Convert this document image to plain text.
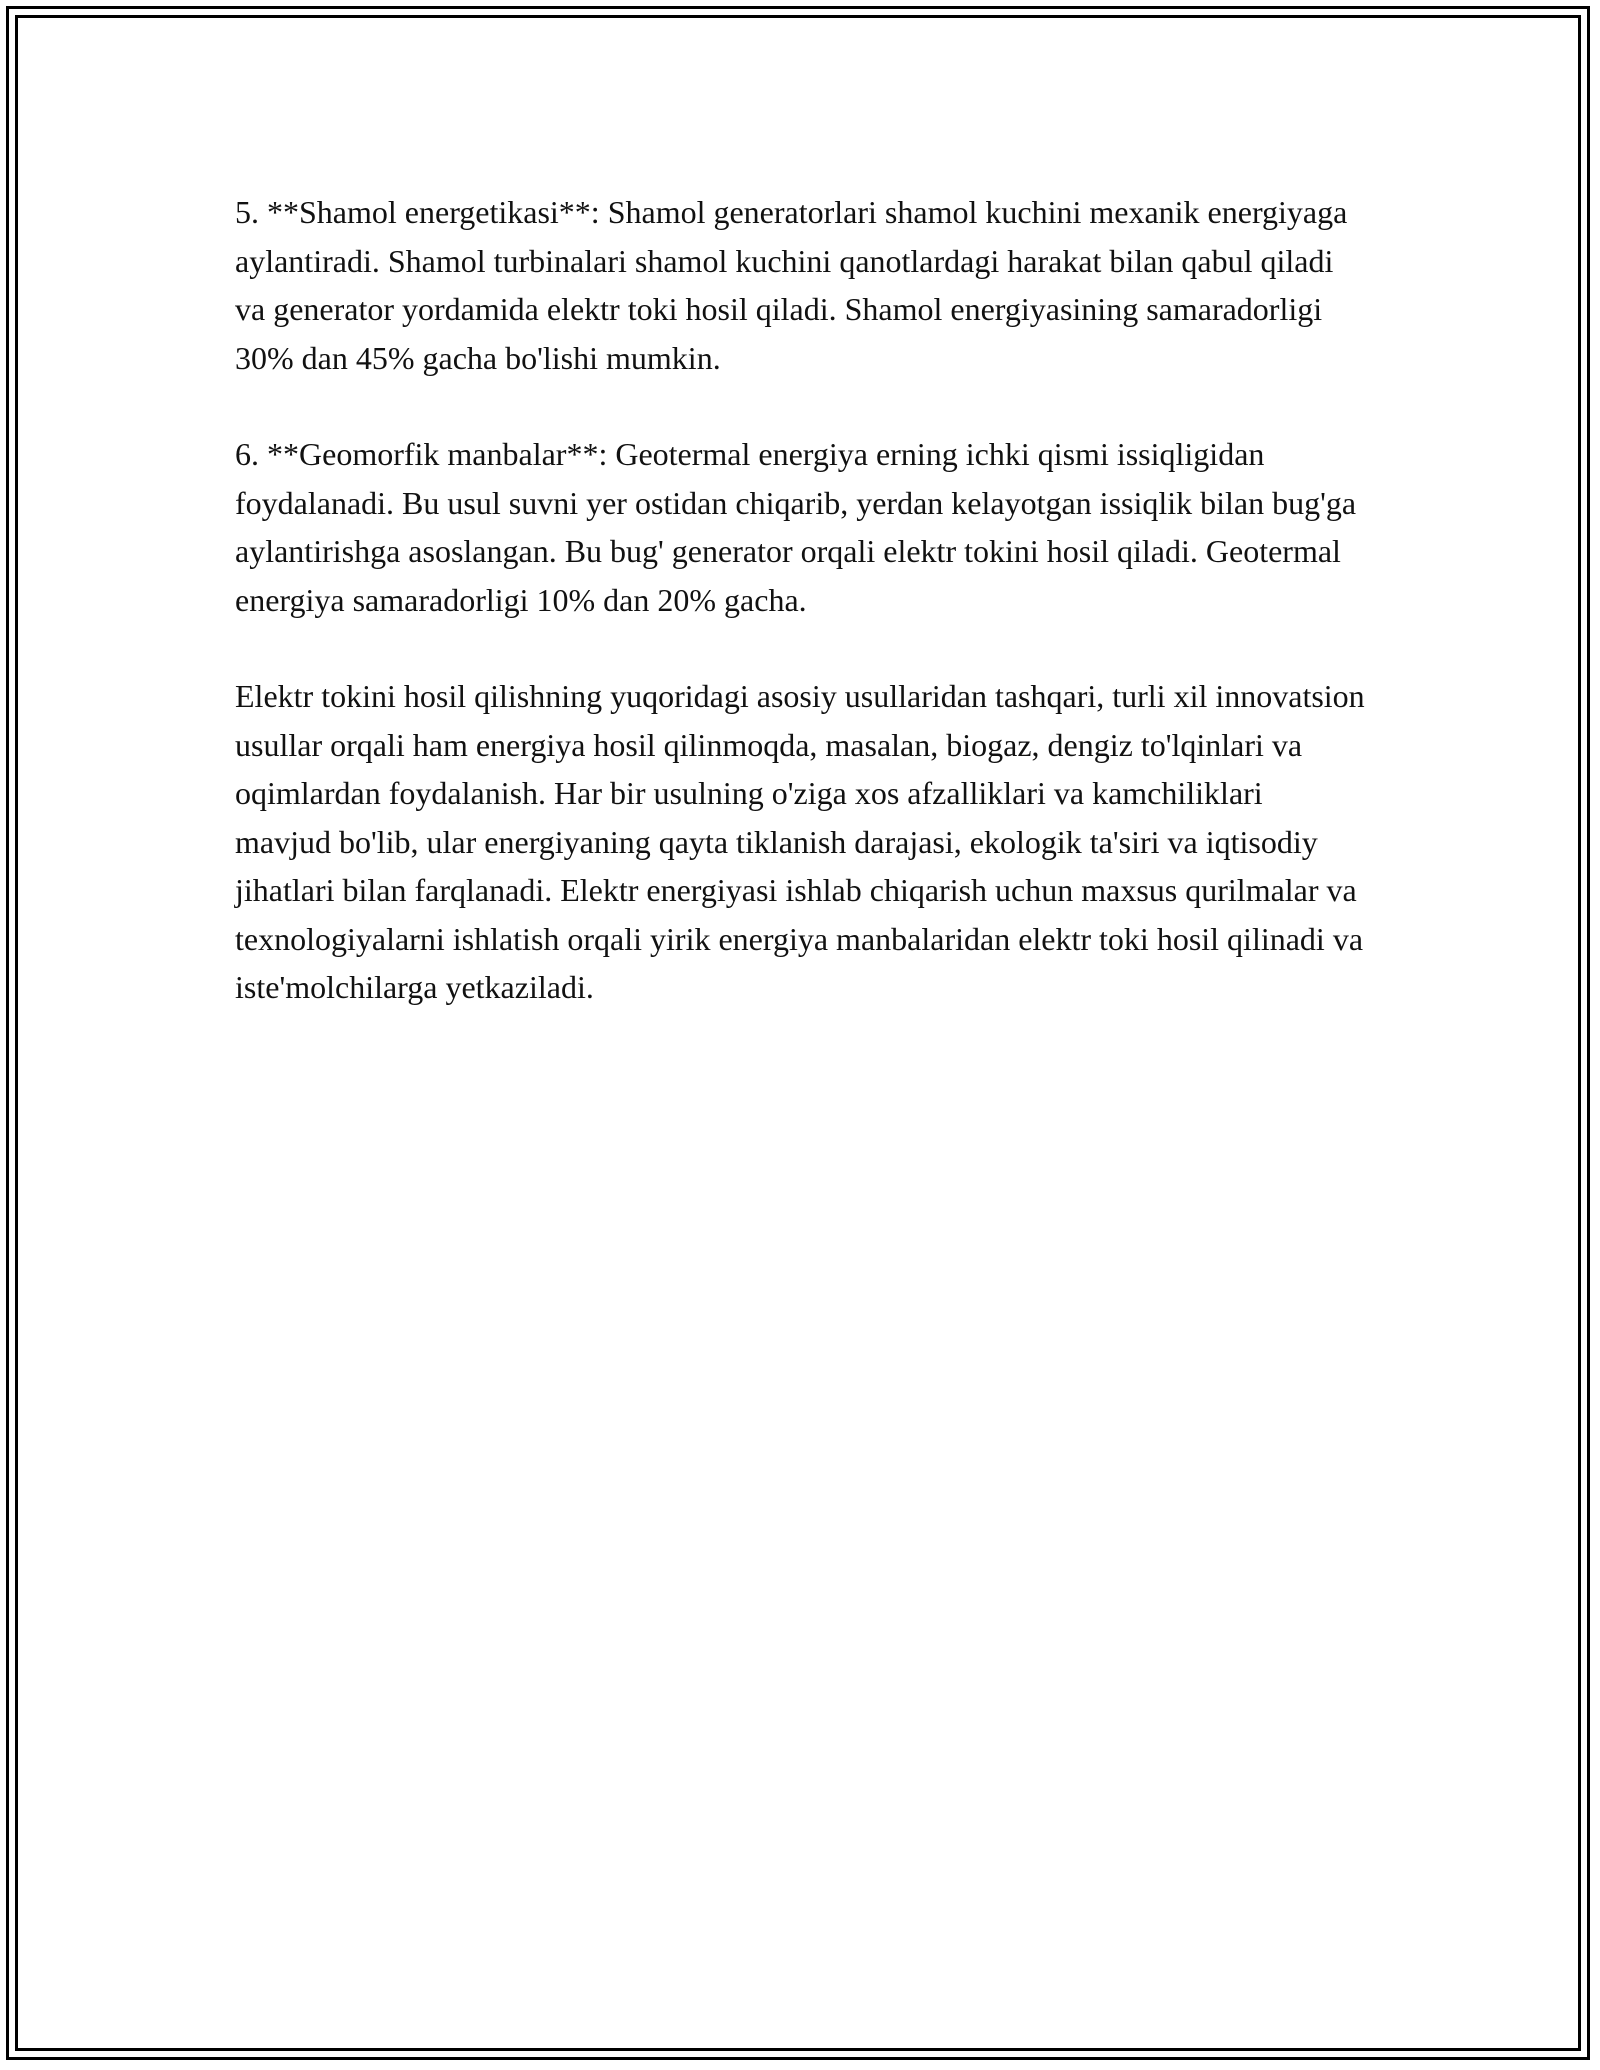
5. **Shamol energetikasi**: Shamol generatorlari shamol kuchini mexanik energiyaga aylantiradi. Shamol turbinalari shamol kuchini qanotlardagi harakat bilan qabul qiladi va generator yordamida elektr toki hosil qiladi. Shamol energiyasining samaradorligi 30% dan 45% gacha bo'lishi mumkin.

6. **Geomorfik manbalar**: Geotermal energiya erning ichki qismi issiqligidan foydalanadi. Bu usul suvni yer ostidan chiqarib, yerdan kelayotgan issiqlik bilan bug'ga aylantirishga asoslangan. Bu bug' generator orqali elektr tokini hosil qiladi. Geotermal energiya samaradorligi 10% dan 20% gacha.

Elektr tokini hosil qilishning yuqoridagi asosiy usullaridan tashqari, turli xil innovatsion usullar orqali ham energiya hosil qilinmoqda, masalan, biogaz, dengiz to'lqinlari va oqimlardan foydalanish. Har bir usulning o'ziga xos afzalliklari va kamchiliklari mavjud bo'lib, ular energiyaning qayta tiklanish darajasi, ekologik ta'siri va iqtisodiy jihatlari bilan farqlanadi. Elektr energiyasi ishlab chiqarish uchun maxsus qurilmalar va texnologiyalarni ishlatish orqali yirik energiya manbalaridan elektr toki hosil qilinadi va iste'molchilarga yetkaziladi.
